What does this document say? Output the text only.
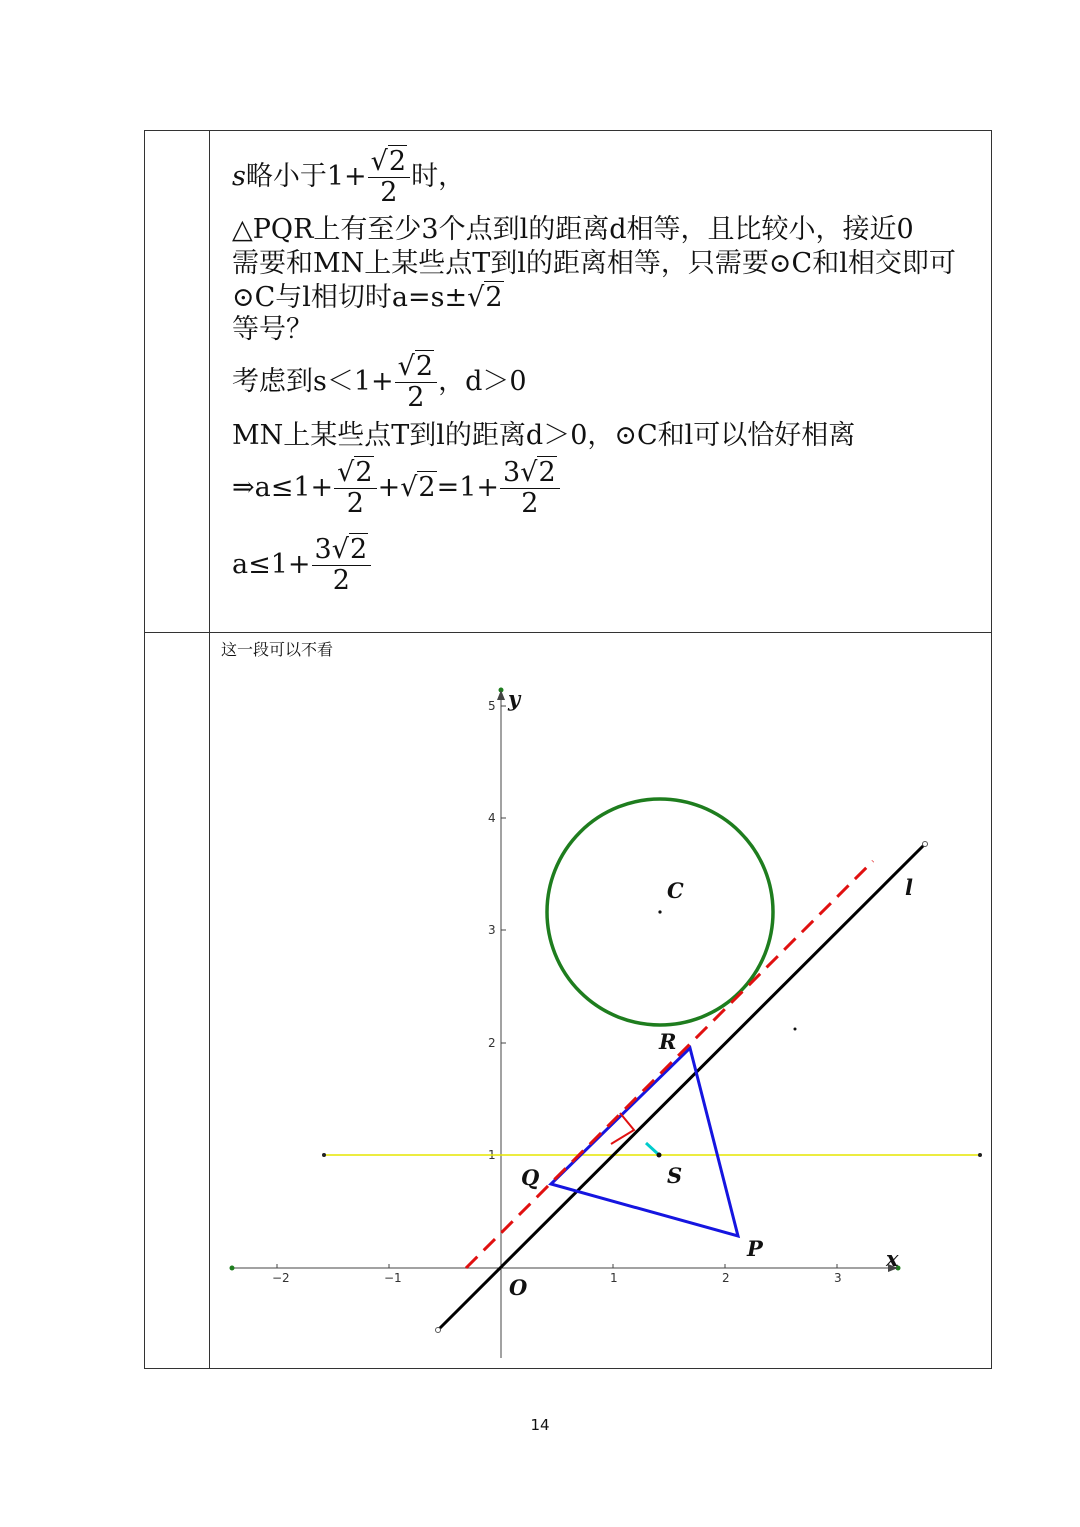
s略小于$1+ \frac{√2}{2}$ 时，
△PQR上有至少3个点到l的距离d相等，且比较小，接近0
需要和MN上某些点T到l的距离相等，只需要⊙C和l相交即可
⊙C与l相切时a=s±√2
等号？
考虑到$s<1+ \frac{√2}{2}$ ，d＞0
MN上某些点T到l的距离d＞0，⊙C和l可以恰好相离
⇒a≤1+ $\frac{√2}{2} +√2=1+ \frac{3√2}{2}$
$a\le 1+ \frac{3√2}{2}$
这一段可以不看
−2	−1	1	2	3
1
2
3
4
5
C
R
Q	S
P
l
O
x
y
14
